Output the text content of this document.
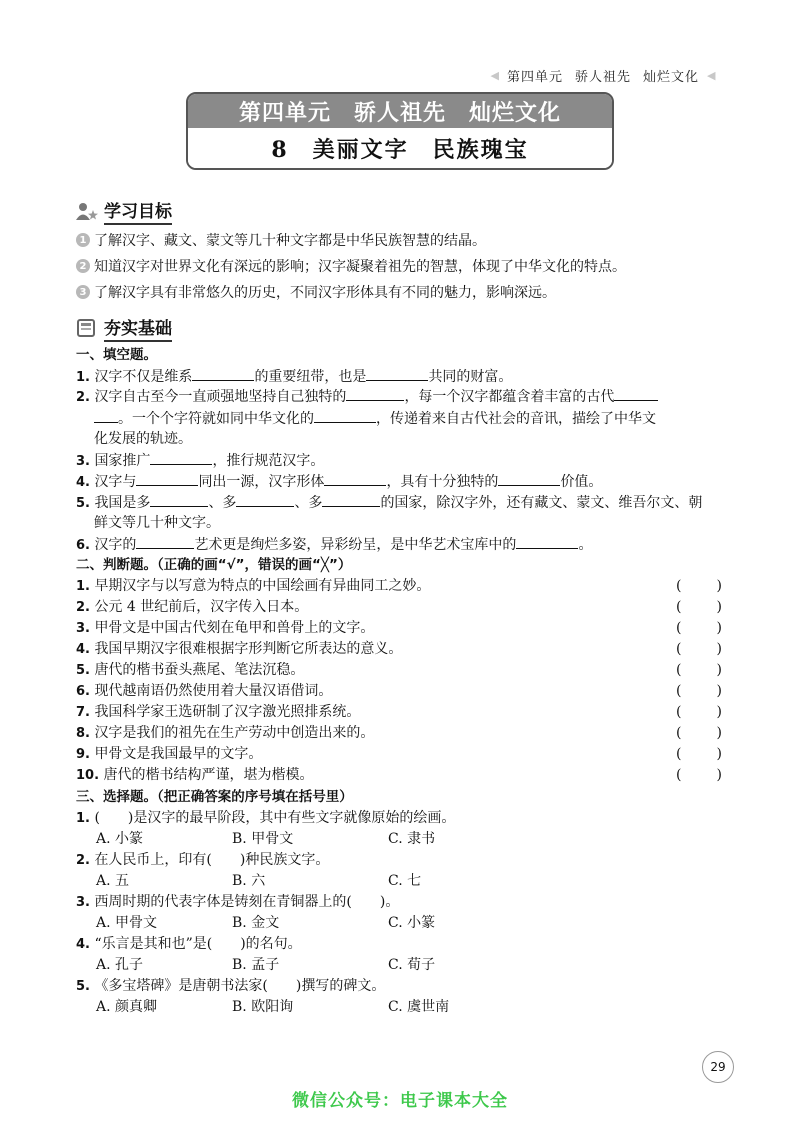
◀ 第四单元 骄人祖先 灿烂文化 ◀
第四单元　骄人祖先　灿烂文化
8　美丽文字　民族瑰宝
学习目标
1 了解汉字、藏文、蒙文等几十种文字都是中华民族智慧的结晶。
2 知道汉字对世界文化有深远的影响；汉字凝聚着祖先的智慧，体现了中华文化的特点。
3 了解汉字具有非常悠久的历史，不同汉字形体具有不同的魅力，影响深远。
夯实基础
一、填空题。
1. 汉字不仅是维系	的重要纽带，也是	共同的财富。
2. 汉字自古至今一直顽强地坚持自己独特的	，每一个汉字都蕴含着丰富的古代
。一个个字符就如同中华文化的	，传递着来自古代社会的音讯，描绘了中华文
化发展的轨迹。
3. 国家推广	，推行规范汉字。
4. 汉字与	同出一源，汉字形体	，具有十分独特的	价值。
5. 我国是多	、多	、多	的国家，除汉字外，还有藏文、蒙文、维吾尔文、朝
鲜文等几十种文字。
6. 汉字的	艺术更是绚烂多姿，异彩纷呈，是中华艺术宝库中的	。
二、判断题。（正确的画“√”，错误的画“╳”）
1. 早期汉字与以写意为特点的中国绘画有异曲同工之妙。	(	)
2. 公元 4 世纪前后，汉字传入日本。	(	)
3. 甲骨文是中国古代刻在龟甲和兽骨上的文字。	(	)
4. 我国早期汉字很难根据字形判断它所表达的意义。	(	)
5. 唐代的楷书蚕头燕尾、笔法沉稳。	(	)
6. 现代越南语仍然使用着大量汉语借词。	(	)
7. 我国科学家王选研制了汉字激光照排系统。	(	)
8. 汉字是我们的祖先在生产劳动中创造出来的。	(	)
9. 甲骨文是我国最早的文字。	(	)
10. 唐代的楷书结构严谨，堪为楷模。	(	)
三、选择题。（把正确答案的序号填在括号里）
1. (　　)是汉字的最早阶段，其中有些文字就像原始的绘画。
A. 小篆	B. 甲骨文	C. 隶书
2. 在人民币上，印有(　　)种民族文字。
A. 五	B. 六	C. 七
3. 西周时期的代表字体是铸刻在青铜器上的(　　)。
A. 甲骨文	B. 金文	C. 小篆
4. “乐言是其和也”是(　　)的名句。
A. 孔子	B. 孟子	C. 荀子
5. 《多宝塔碑》是唐朝书法家(　　)撰写的碑文。
A. 颜真卿	B. 欧阳询	C. 虞世南
29
微信公众号：电子课本大全
